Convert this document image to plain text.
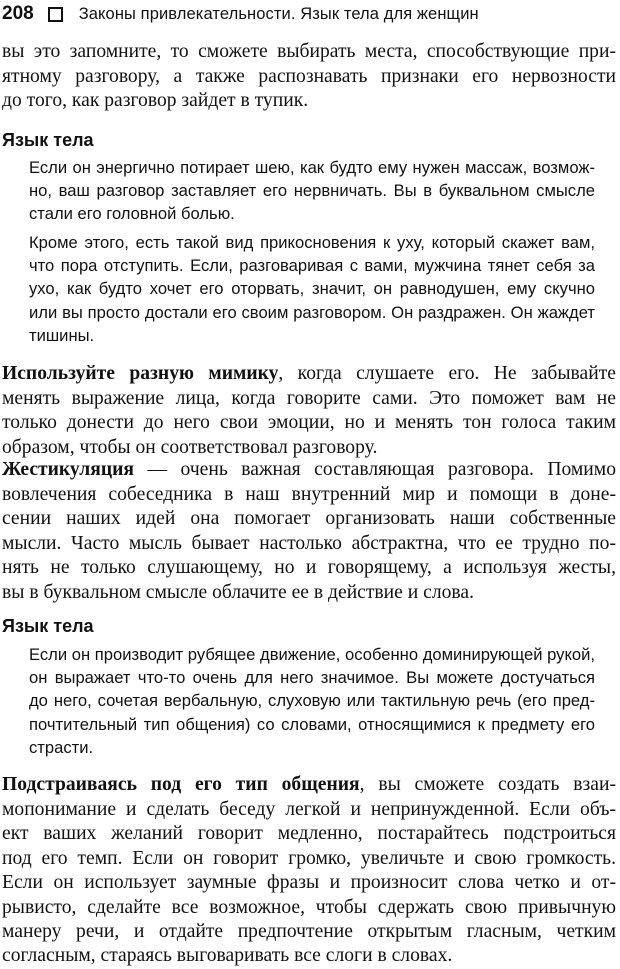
208	Законы привлекательности. Язык тела для женщин
вы это запомните, то сможете выбирать места, способствующие при-
ятному разговору, а также распознавать признаки его нервозности
до того, как разговор зайдет в тупик.
Язык тела
Если он энергично потирает шею, как будто ему нужен массаж, возмож-
но, ваш разговор заставляет его нервничать. Вы в буквальном смысле
стали его головной болью.
Кроме этого, есть такой вид прикосновения к уху, который скажет вам,
что пора отступить. Если, разговаривая с вами, мужчина тянет себя за
ухо, как будто хочет его оторвать, значит, он равнодушен, ему скучно
или вы просто достали его своим разговором. Он раздражен. Он жаждет
тишины.
Используйте разную мимику, когда слушаете его. Не забывайте
менять выражение лица, когда говорите сами. Это поможет вам не
только донести до него свои эмоции, но и менять тон голоса таким
образом, чтобы он соответствовал разговору.
Жестикуляция — очень важная составляющая разговора. Помимо
вовлечения собеседника в наш внутренний мир и помощи в доне-
сении наших идей она помогает организовать наши собственные
мысли. Часто мысль бывает настолько абстрактна, что ее трудно по-
нять не только слушающему, но и говорящему, а используя жесты,
вы в буквальном смысле облачите ее в действие и слова.
Язык тела
Если он производит рубящее движение, особенно доминирующей рукой,
он выражает что-то очень для него значимое. Вы можете достучаться
до него, сочетая вербальную, слуховую или тактильную речь (его пред-
почтительный тип общения) со словами, относящимися к предмету его
страсти.
Подстраиваясь под его тип общения, вы сможете создать взаи-
мопонимание и сделать беседу легкой и непринужденной. Если объ-
ект ваших желаний говорит медленно, постарайтесь подстроиться
под его темп. Если он говорит громко, увеличьте и свою громкость.
Если он использует заумные фразы и произносит слова четко и от-
рывисто, сделайте все возможное, чтобы сдержать свою привычную
манеру речи, и отдайте предпочтение открытым гласным, четким
согласным, стараясь выговаривать все слоги в словах.
